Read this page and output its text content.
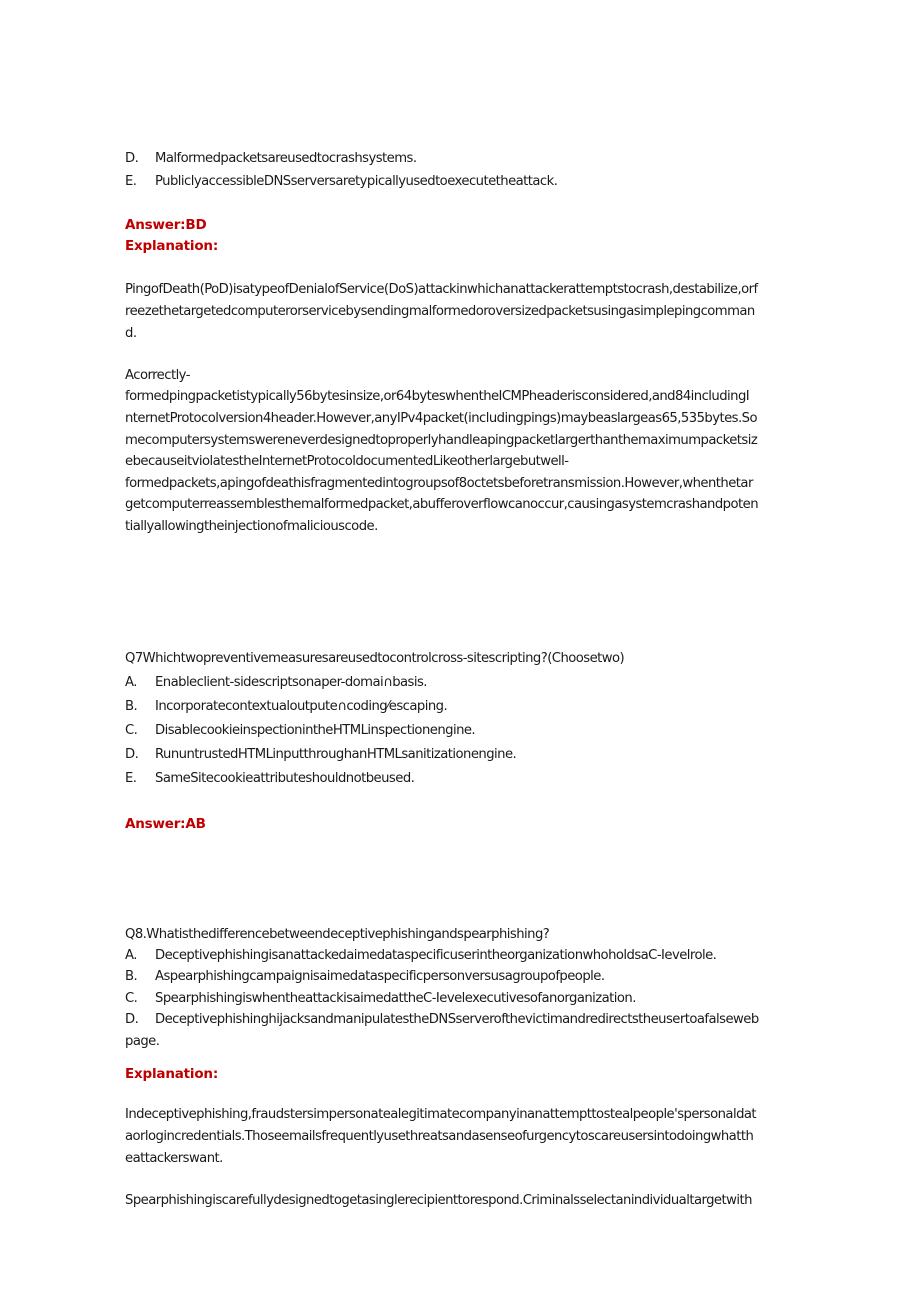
D. Malformedpacketsareusedtocrashsystems.
E. PubliclyaccessibleDNSserversaretypicallyusedtoexecutetheattack.
Answer:BD
Explanation:
PingofDeath(PoD)isatypeofDenialofService(DoS)attackinwhichanattackerattemptstocrash,destabilize,orf
reezethetargetedcomputerorservicebysendingmalformedoroversizedpacketsusingasimplepingcomman
d.
Acorrectly-
formedpingpacketistypically56bytesinsize,or64byteswhentheICMPheaderisconsidered,and84includingI
nternetProtocolversion4header.However,anyIPv4packet(includingpings)maybeaslargeas65,535bytes.So
mecomputersystemswereneverdesignedtoproperlyhandleapingpacketlargerthanthemaximumpacketsiz
ebecauseitviolatestheInternetProtocoldocumentedLikeotherlargebutwell-
formedpackets,apingofdeathisfragmentedintogroupsof8octetsbeforetransmission.However,whenthetar
getcomputerreassemblesthemalformedpacket,abufferoverflowcanoccur,causingasystemcrashandpoten
tiallyallowingtheinjectionofmaliciouscode.
Q7Whichtwopreventivemeasuresareusedtocontrolcross-sitescripting?(Choosetwo)
A. Enableclient-sidescriptsonaper-domai∩basis.
B. Incorporatecontextualoutpute∩coding⁄escaping.
C. DisablecookieinspectionintheHTMLinspectionengine.
D. RununtrustedHTMLinputthroughanHTMLsanitizationengine.
E. SameSitecookieattributeshouldnotbeused.
Answer:AB
Q8.Whatisthedifferencebetweendeceptivephishingandspearphishing?
A. DeceptivephishingisanattackedaimedataspecificuserintheorganizationwhoholdsaC-Ievelrole.
B. Aspearphishingcampaignisaimedataspecificpersonversusagroupofpeople.
C. SpearphishingiswhentheattackisaimedattheC-Ievelexecutivesofanorganization.
D. DeceptivephishinghijacksandmanipulatestheDNSserverofthevictimandredirectstheusertoafalseweb
page.
Explanation:
Indeceptivephishing,fraudstersimpersonatealegitimatecompanyinanattempttostealpeople'spersonaldat
aorlogincredentials.Thoseemailsfrequentlyusethreatsandasenseofurgencytoscareusersintodoingwhatth
eattackerswant.
Spearphishingiscarefullydesignedtogetasinglerecipienttorespond.Criminalsselectanindividualtargetwith
